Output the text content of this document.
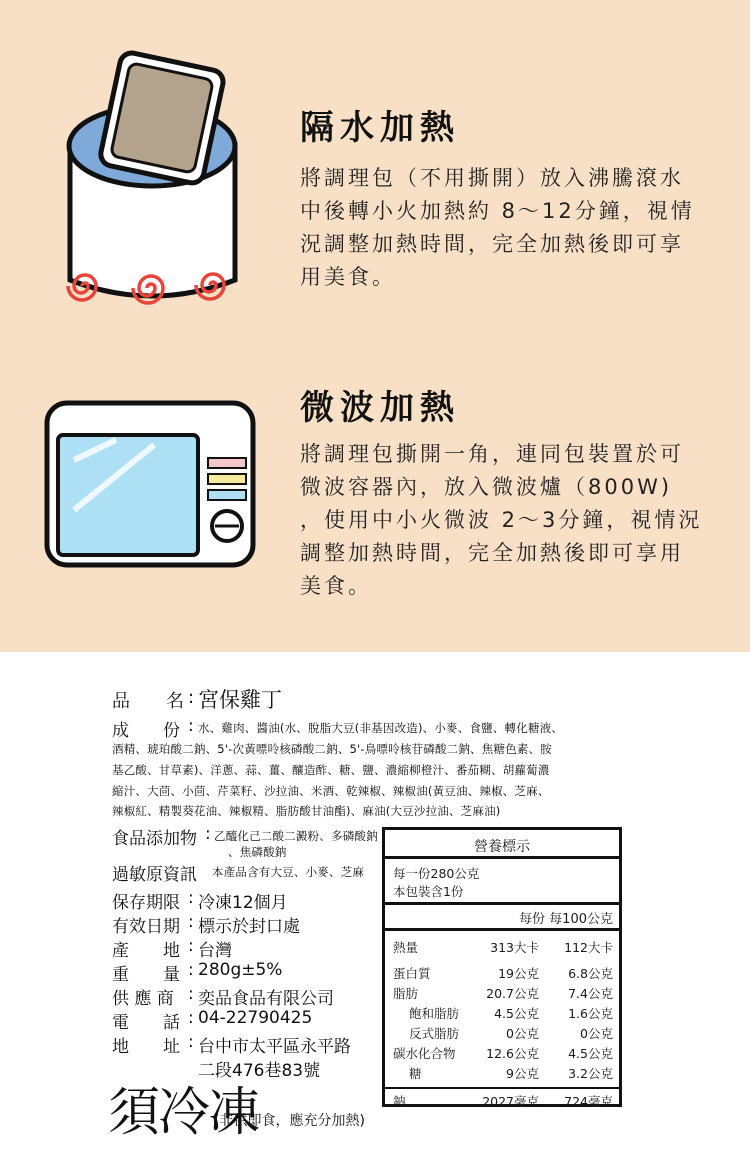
隔水加熱
將調理包（不用撕開）放入沸騰滾水
中後轉小火加熱約 8～12分鐘，視情
況調整加熱時間，完全加熱後即可享
用美食。
微波加熱
將調理包撕開一角，連同包裝置於可
微波容器內，放入微波爐（800W)
，使用中小火微波 2～3分鐘，視情況
調整加熱時間，完全加熱後即可享用
美食。
品　　名 : 宮保雞丁
成　　份 : 水、雞肉、醬油(水、脫脂大豆(非基因改造)、小麥、食鹽、轉化糖液、
酒精、琥珀酸二鈉、5'-次黃嘌呤核磷酸二鈉、5'-鳥嘌呤核苷磷酸二鈉、焦糖色素、胺
基乙酸、甘草素)、洋蔥、蒜、薑、釀造酢、糖、鹽、濃縮柳橙汁、番茄糊、胡蘿蔔濃
縮汁、大茴、小茴、芹菜籽、沙拉油、米酒、乾辣椒、辣椒油(黃豆油、辣椒、芝麻、
辣椒紅、精製葵花油、辣椒精、脂肪酸甘油酯)、麻油(大豆沙拉油、芝麻油)
食品添加物 : 乙醯化己二酸二澱粉、多磷酸鈉
、焦磷酸鈉
過敏原資訊 本產品含有大豆、小麥、芝麻
保存期限 : 冷凍12個月
有效日期 : 標示於封口處
產　　地 : 台灣
重　　量 : 280g±5%
供 應 商 : 奕品食品有限公司
電　　話 : 04-22790425
地　　址 : 台中市太平區永平路
二段476巷83號
須冷凍
(非供即食，應充分加熱)
營養標示
每一份280公克
本包裝含1份
每份 每100公克
熱量	313大卡 112大卡
蛋白質	19公克 6.8公克
脂肪	20.7公克 7.4公克
飽和脂肪	4.5公克 1.6公克
反式脂肪	0公克	0公克
碳水化合物 12.6公克 4.5公克
糖	9公克 3.2公克
鈉	2027毫克 724毫克
